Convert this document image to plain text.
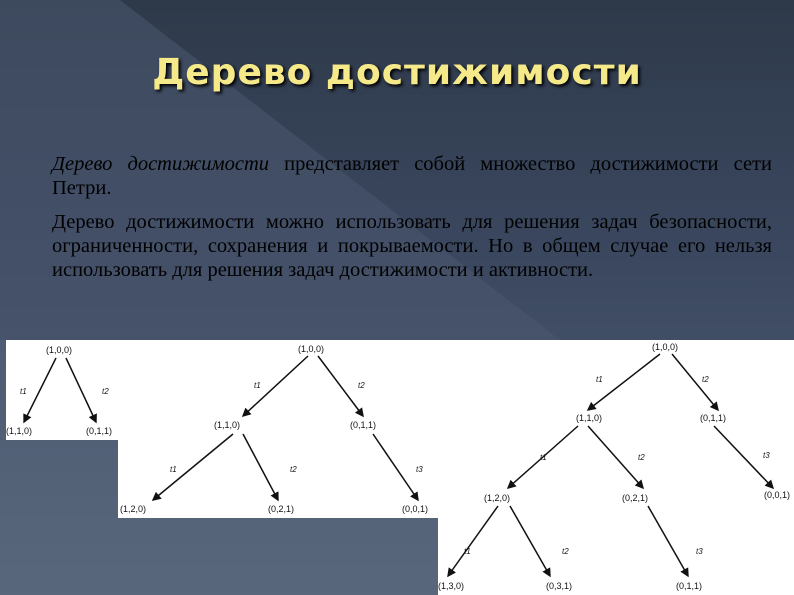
Дерево достижимости

Дерево достижимости представляет собой множество достижимости сети Петри.

Дерево достижимости можно использовать для решения задач безопасности, ограниченности, сохранения и покрываемости. Но в общем случае его нельзя использовать для решения задач достижимости и активности.

(1,0,0)
t1	t2
(1,1,0)	(0,1,1)
(1,0,0)
t1	t2
(1,1,0)	(0,1,1)
t1	t2	t3
(1,2,0)	(0,2,1)	(0,0,1)
(1,0,0)
t1	t2
(1,1,0)	(0,1,1)
t1	t2	t3
(1,2,0)	(0,2,1)	(0,0,1)
t1	t2	t3
(1,3,0)	(0,3,1)	(0,1,1)
